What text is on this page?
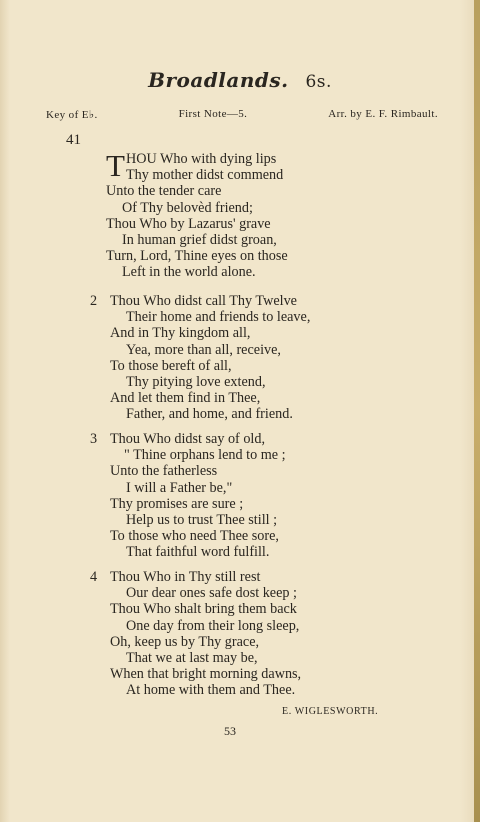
Broadlands. 6s.
Key of E♭.	First Note—5.	Arr. by E. F. Rimbault.
41
T HOU Who with dying lips
Thy mother didst commend
Unto the tender care
Of Thy belovèd friend;
Thou Who by Lazarus' grave
In human grief didst groan,
Turn, Lord, Thine eyes on those
Left in the world alone.
2 Thou Who didst call Thy Twelve
Their home and friends to leave,
And in Thy kingdom all,
Yea, more than all, receive,
To those bereft of all,
Thy pitying love extend,
And let them find in Thee,
Father, and home, and friend.
3 Thou Who didst say of old,
" Thine orphans lend to me ;
Unto the fatherless
I will a Father be,"
Thy promises are sure ;
Help us to trust Thee still ;
To those who need Thee sore,
That faithful word fulfill.
4 Thou Who in Thy still rest
Our dear ones safe dost keep ;
Thou Who shalt bring them back
One day from their long sleep,
Oh, keep us by Thy grace,
That we at last may be,
When that bright morning dawns,
At home with them and Thee.
E. WIGLESWORTH.
53
